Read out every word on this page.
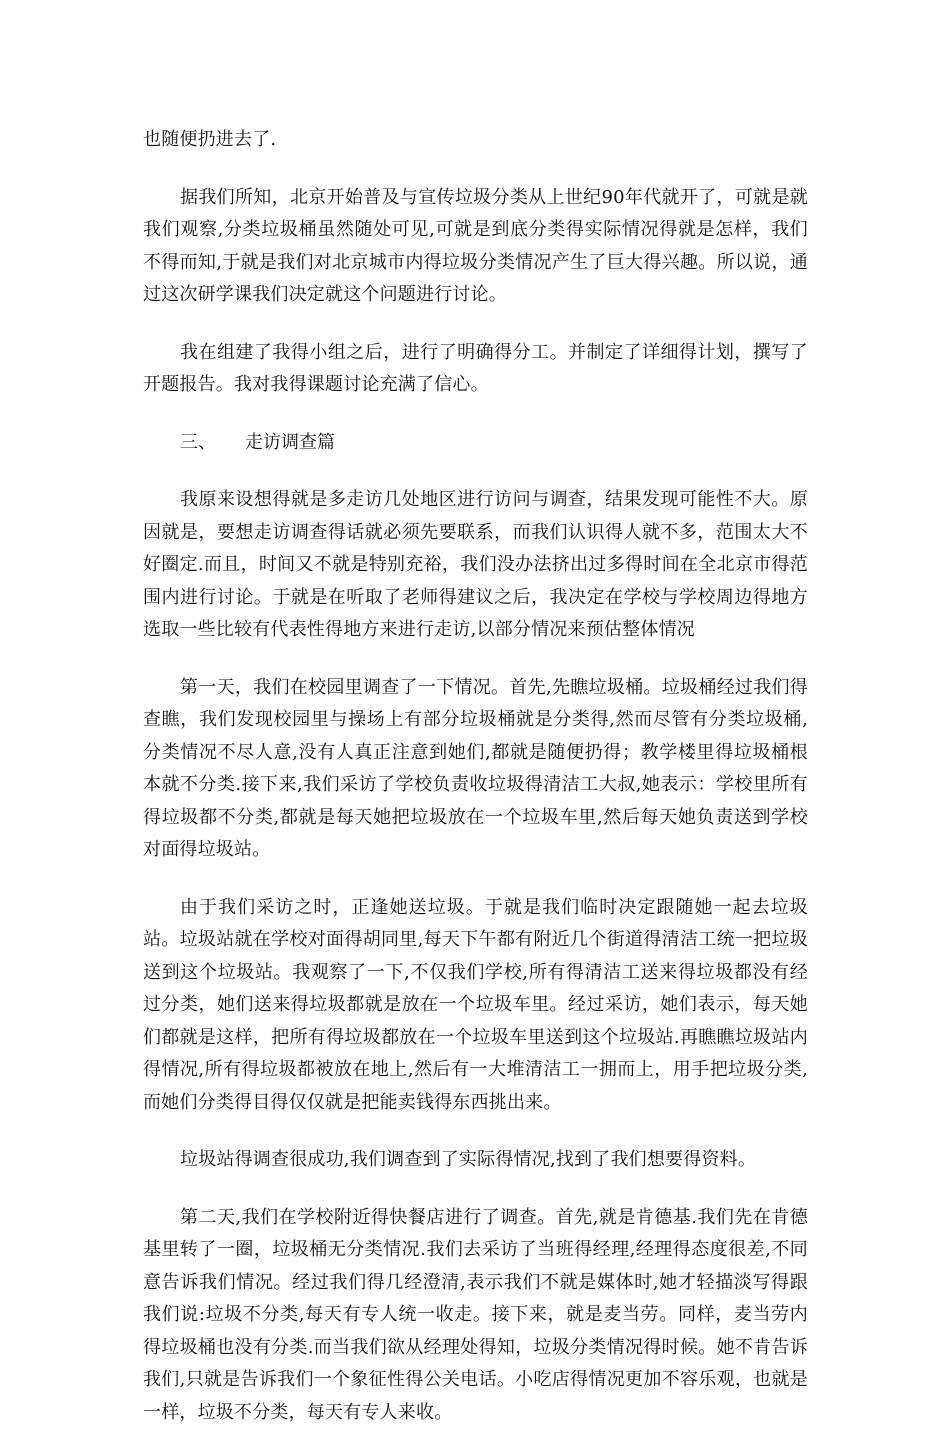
也随便扔进去了.

据我们所知，北京开始普及与宣传垃圾分类从上世纪90年代就开了，可就是就我们观察,分类垃圾桶虽然随处可见,可就是到底分类得实际情况得就是怎样，我们不得而知,于就是我们对北京城市内得垃圾分类情况产生了巨大得兴趣。所以说，通过这次研学课我们决定就这个问题进行讨论。

我在组建了我得小组之后，进行了明确得分工。并制定了详细得计划，撰写了开题报告。我对我得课题讨论充满了信心。

三、 走访调查篇

我原来设想得就是多走访几处地区进行访问与调查，结果发现可能性不大。原因就是，要想走访调查得话就必须先要联系，而我们认识得人就不多，范围太大不好圈定.而且，时间又不就是特别充裕，我们没办法挤出过多得时间在全北京市得范围内进行讨论。于就是在听取了老师得建议之后，我决定在学校与学校周边得地方选取一些比较有代表性得地方来进行走访,以部分情况来预估整体情况

第一天，我们在校园里调查了一下情况。首先,先瞧垃圾桶。垃圾桶经过我们得查瞧，我们发现校园里与操场上有部分垃圾桶就是分类得,然而尽管有分类垃圾桶,分类情况不尽人意,没有人真正注意到她们,都就是随便扔得；教学楼里得垃圾桶根本就不分类.接下来,我们采访了学校负责收垃圾得清洁工大叔,她表示：学校里所有得垃圾都不分类,都就是每天她把垃圾放在一个垃圾车里,然后每天她负责送到学校对面得垃圾站。

由于我们采访之时，正逢她送垃圾。于就是我们临时决定跟随她一起去垃圾站。垃圾站就在学校对面得胡同里,每天下午都有附近几个街道得清洁工统一把垃圾送到这个垃圾站。我观察了一下,不仅我们学校,所有得清洁工送来得垃圾都没有经过分类，她们送来得垃圾都就是放在一个垃圾车里。经过采访，她们表示，每天她们都就是这样，把所有得垃圾都放在一个垃圾车里送到这个垃圾站.再瞧瞧垃圾站内得情况,所有得垃圾都被放在地上,然后有一大堆清洁工一拥而上，用手把垃圾分类,而她们分类得目得仅仅就是把能卖钱得东西挑出来。

垃圾站得调查很成功,我们调查到了实际得情况,找到了我们想要得资料。

第二天,我们在学校附近得快餐店进行了调查。首先,就是肯德基.我们先在肯德基里转了一圈，垃圾桶无分类情况.我们去采访了当班得经理,经理得态度很差,不同意告诉我们情况。经过我们得几经澄清,表示我们不就是媒体时,她才轻描淡写得跟我们说:垃圾不分类,每天有专人统一收走。接下来，就是麦当劳。同样，麦当劳内得垃圾桶也没有分类.而当我们欲从经理处得知，垃圾分类情况得时候。她不肯告诉我们,只就是告诉我们一个象征性得公关电话。小吃店得情况更加不容乐观，也就是一样，垃圾不分类，每天有专人来收。
